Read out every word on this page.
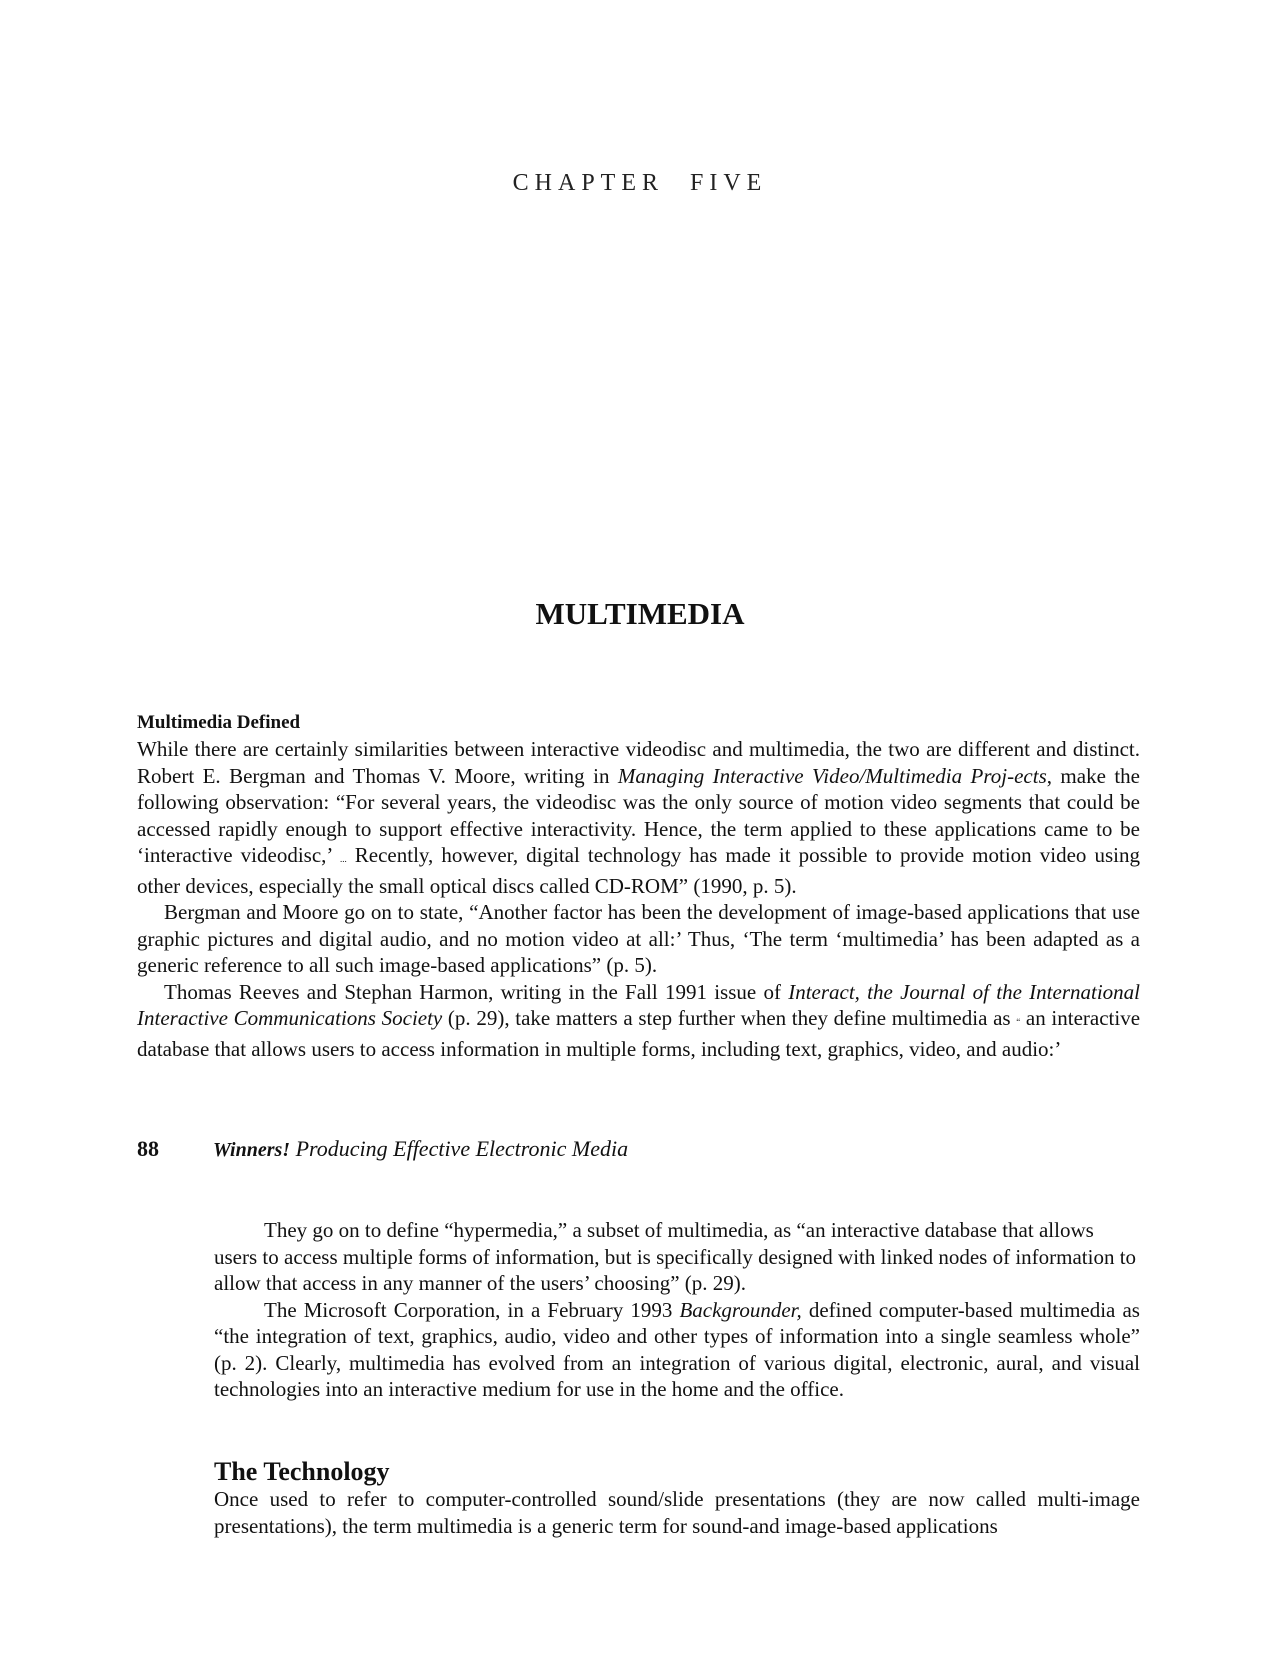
CHAPTER FIVE
MULTIMEDIA

Multimedia Defined

While there are certainly similarities between interactive videodisc and multimedia, the two are different and distinct. Robert E. Bergman and Thomas V. Moore, writing in Managing Interactive Video/Multimedia Proj-ects, make the following observation: “For several years, the videodisc was the only source of motion video segments that could be accessed rapidly enough to support effective interactivity. Hence, the term applied to these applications came to be ‘interactive videodisc,’ ... Recently, however, digital technology has made it possible to provide motion video using other devices, especially the small optical discs called CD-ROM” (1990, p. 5).

Bergman and Moore go on to state, “Another factor has been the development of image-based applications that use graphic pictures and digital audio, and no motion video at all:’ Thus, ‘The term ‘multimedia’ has been adapted as a generic reference to all such image-based applications” (p. 5).

Thomas Reeves and Stephan Harmon, writing in the Fall 1991 issue of Interact, the Journal of the International Interactive Communications Society (p. 29), take matters a step further when they define multimedia as “ an interactive database that allows users to access information in multiple forms, including text, graphics, video, and audio:’

88	Winners! Producing Effective Electronic Media

They go on to define “hypermedia,” a subset of multimedia, as “an interactive database that allows users to access multiple forms of information, but is specifically designed with linked nodes of information to allow that access in any manner of the users’ choosing” (p. 29).

The Microsoft Corporation, in a February 1993 Backgrounder, defined computer-based multimedia as “the integration of text, graphics, audio, video and other types of information into a single seamless whole” (p. 2). Clearly, multimedia has evolved from an integration of various digital, electronic, aural, and visual technologies into an interactive medium for use in the home and the office.

The Technology

Once used to refer to computer-controlled sound/slide presentations (they are now called multi-image presentations), the term multimedia is a generic term for sound-and image-based applications
